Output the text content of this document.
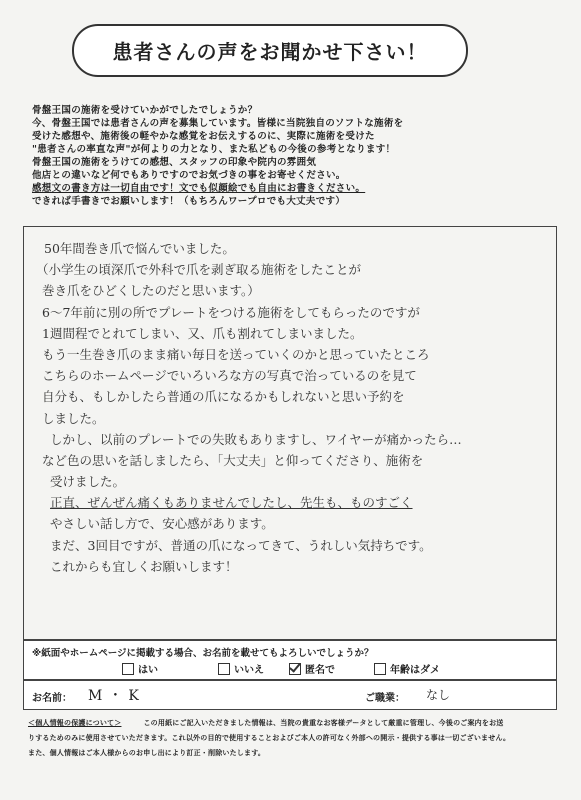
患者さんの声をお聞かせ下さい！
骨盤王国の施術を受けていかがでしたでしょうか？
今、骨盤王国では患者さんの声を募集しています。皆様に当院独自のソフトな施術を
受けた感想や、施術後の軽やかな感覚をお伝えするのに、実際に施術を受けた
"患者さんの率直な声"が何よりの力となり、また私どもの今後の参考となります！
骨盤王国の施術をうけての感想、スタッフの印象や院内の雰囲気
他店との違いなど何でもありですのでお気づきの事をお寄せください。
感想文の書き方は一切自由です！文でも似顔絵でも自由にお書きください。
できれば手書きでお願いします！（もちろんワープロでも大丈夫です）
50年間巻き爪で悩んでいました。
（小学生の頃深爪で外科で爪を剥ぎ取る施術をしたことが
巻き爪をひどくしたのだと思います。）
6～7年前に別の所でプレートをつける施術をしてもらったのですが
1週間程でとれてしまい、又、爪も割れてしまいました。
もう一生巻き爪のまま痛い毎日を送っていくのかと思っていたところ
こちらのホームページでいろいろな方の写真で治っているのを見て
自分も、もしかしたら普通の爪になるかもしれないと思い予約を
しました。
しかし、以前のプレートでの失敗もありますし、ワイヤーが痛かったら…
など色の思いを話しましたら、「大丈夫」と仰ってくださり、施術を
受けました。
正直、ぜんぜん痛くもありませんでしたし、先生も、ものすごく
やさしい話し方で、安心感があります。
まだ、3回目ですが、普通の爪になってきて、うれしい気持ちです。
これからも宜しくお願いします！
※紙面やホームページに掲載する場合、お名前を載せてもよろしいでしょうか？
はい	いいえ	匿名で	年齢はダメ
お名前： M・K	ご職業： なし
＜個人情報の保護について＞	この用紙にご記入いただきました情報は、当院の貴重なお客様データとして厳重に管理し、今後のご案内をお送
りするためのみに使用させていただきます。これ以外の目的で使用することおよびご本人の許可なく外部への開示・提供する事は一切ございません。
また、個人情報はご本人様からのお申し出により訂正・削除いたします。
